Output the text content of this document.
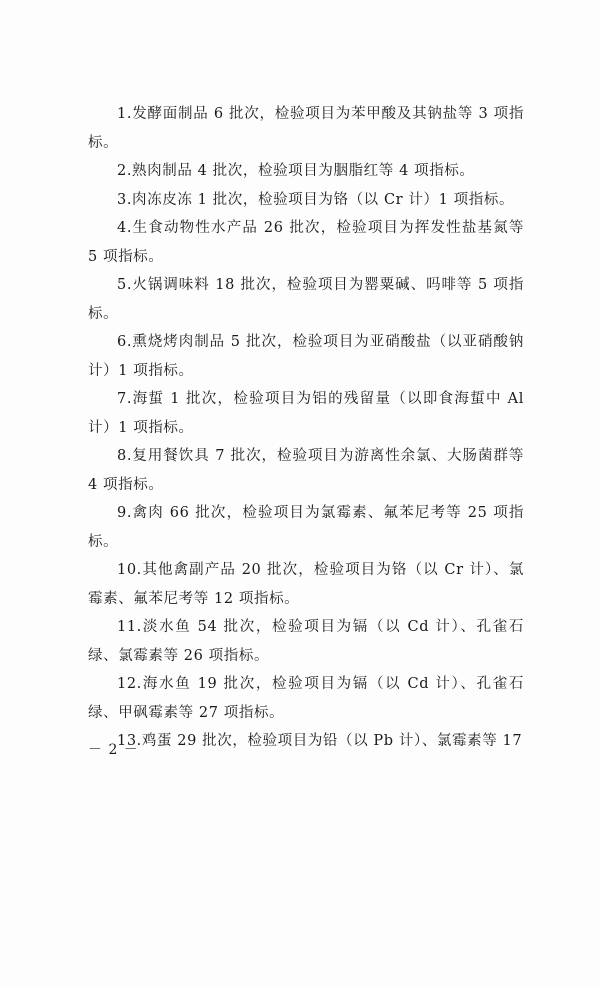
1.发酵面制品 6 批次，检验项目为苯甲酸及其钠盐等 3 项指标。

2.熟肉制品 4 批次，检验项目为胭脂红等 4 项指标。

3.肉冻皮冻 1 批次，检验项目为铬（以 Cr 计）1 项指标。

4.生食动物性水产品 26 批次，检验项目为挥发性盐基氮等 5 项指标。

5.火锅调味料 18 批次，检验项目为罂粟碱、吗啡等 5 项指标。

6.熏烧烤肉制品 5 批次，检验项目为亚硝酸盐（以亚硝酸钠计）1 项指标。

7.海蜇 1 批次，检验项目为铝的残留量（以即食海蜇中 Al 计）1 项指标。

8.复用餐饮具 7 批次，检验项目为游离性余氯、大肠菌群等 4 项指标。

9.禽肉 66 批次，检验项目为氯霉素、氟苯尼考等 25 项指标。

10.其他禽副产品 20 批次，检验项目为铬（以 Cr 计）、氯霉素、氟苯尼考等 12 项指标。

11.淡水鱼 54 批次，检验项目为镉（以 Cd 计）、孔雀石绿、氯霉素等 26 项指标。

12.海水鱼 19 批次，检验项目为镉（以 Cd 计）、孔雀石绿、甲砜霉素等 27 项指标。

13.鸡蛋 29 批次，检验项目为铅（以 Pb 计）、氯霉素等 17

－ 2 －
